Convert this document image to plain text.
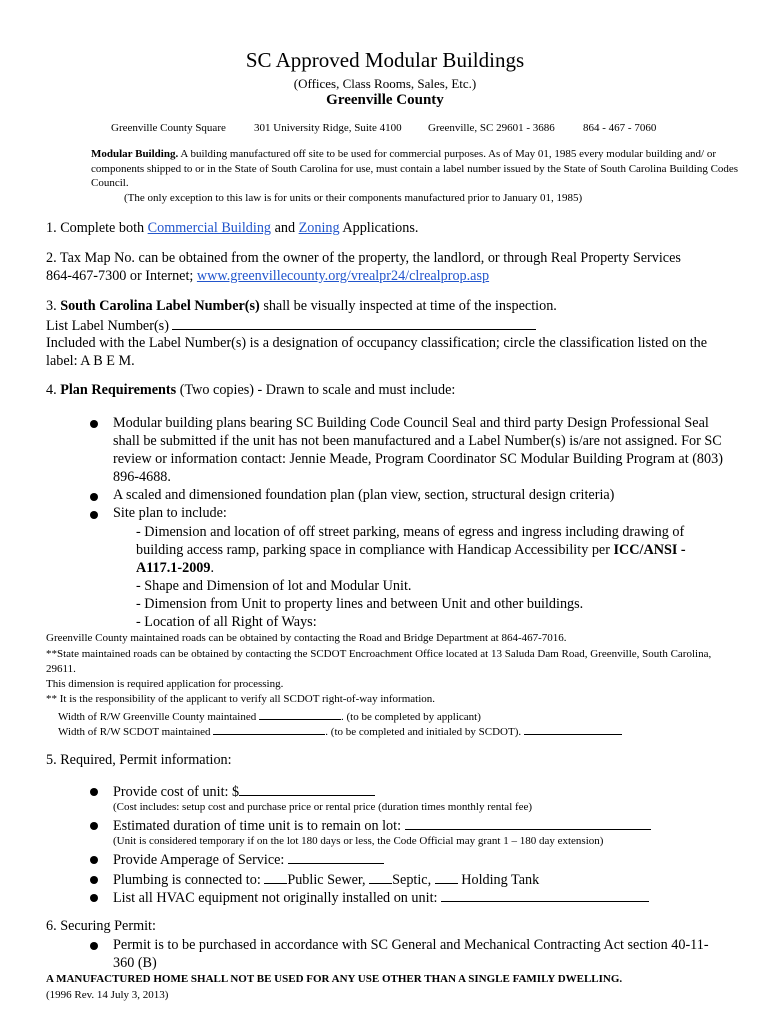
SC Approved Modular Buildings
(Offices, Class Rooms, Sales, Etc.)
Greenville County
Greenville County Square	301 University Ridge, Suite 4100 Greenville, SC 29601 - 3686	864 - 467 - 7060
Modular Building. A building manufactured off site to be used for commercial purposes. As of May 01, 1985 every modular building and/ or components shipped to or in the State of South Carolina for use, must contain a label number issued by the State of South Carolina Building Codes Council.
(The only exception to this law is for units or their components manufactured prior to January 01, 1985)
1. Complete both Commercial Building and Zoning Applications.
2. Tax Map No. can be obtained from the owner of the property, the landlord, or through Real Property Services
864-467-7300 or Internet; www.greenvillecounty.org/vrealpr24/clrealprop.asp
3. South Carolina Label Number(s) shall be visually inspected at time of the inspection.
List Label Number(s)
Included with the Label Number(s) is a designation of occupancy classification; circle the classification listed on the label: A B E M.
4. Plan Requirements (Two copies) - Drawn to scale and must include:
Modular building plans bearing SC Building Code Council Seal and third party Design Professional Seal shall be submitted if the unit has not been manufactured and a Label Number(s) is/are not assigned. For SC review or information contact: Jennie Meade, Program Coordinator SC Modular Building Program at (803) 896-4688.
A scaled and dimensioned foundation plan (plan view, section, structural design criteria)
Site plan to include:
- Dimension and location of off street parking, means of egress and ingress including drawing of building access ramp, parking space in compliance with Handicap Accessibility per ICC/ANSI - A117.1-2009.
- Shape and Dimension of lot and Modular Unit.
- Dimension from Unit to property lines and between Unit and other buildings.
- Location of all Right of Ways:
Greenville County maintained roads can be obtained by contacting the Road and Bridge Department at 864-467-7016.
**State maintained roads can be obtained by contacting the SCDOT Encroachment Office located at 13 Saluda Dam Road, Greenville, South Carolina, 29611.
This dimension is required application for processing.
** It is the responsibility of the applicant to verify all SCDOT right-of-way information.
Width of R/W Greenville County maintained	. (to be completed by applicant)
Width of R/W SCDOT maintained	. (to be completed and initialed by SCDOT).
5. Required, Permit information:
Provide cost of unit: $
(Cost includes: setup cost and purchase price or rental price (duration times monthly rental fee)
Estimated duration of time unit is to remain on lot:
(Unit is considered temporary if on the lot 180 days or less, the Code Official may grant 1 – 180 day extension)
Provide Amperage of Service:
Plumbing is connected to: Public Sewer, Septic,  Holding Tank
List all HVAC equipment not originally installed on unit:
6. Securing Permit:
Permit is to be purchased in accordance with SC General and Mechanical Contracting Act section 40-11-360 (B)
A MANUFACTURED HOME SHALL NOT BE USED FOR ANY USE OTHER THAN A SINGLE FAMILY DWELLING.
(1996 Rev. 14 July 3, 2013)
